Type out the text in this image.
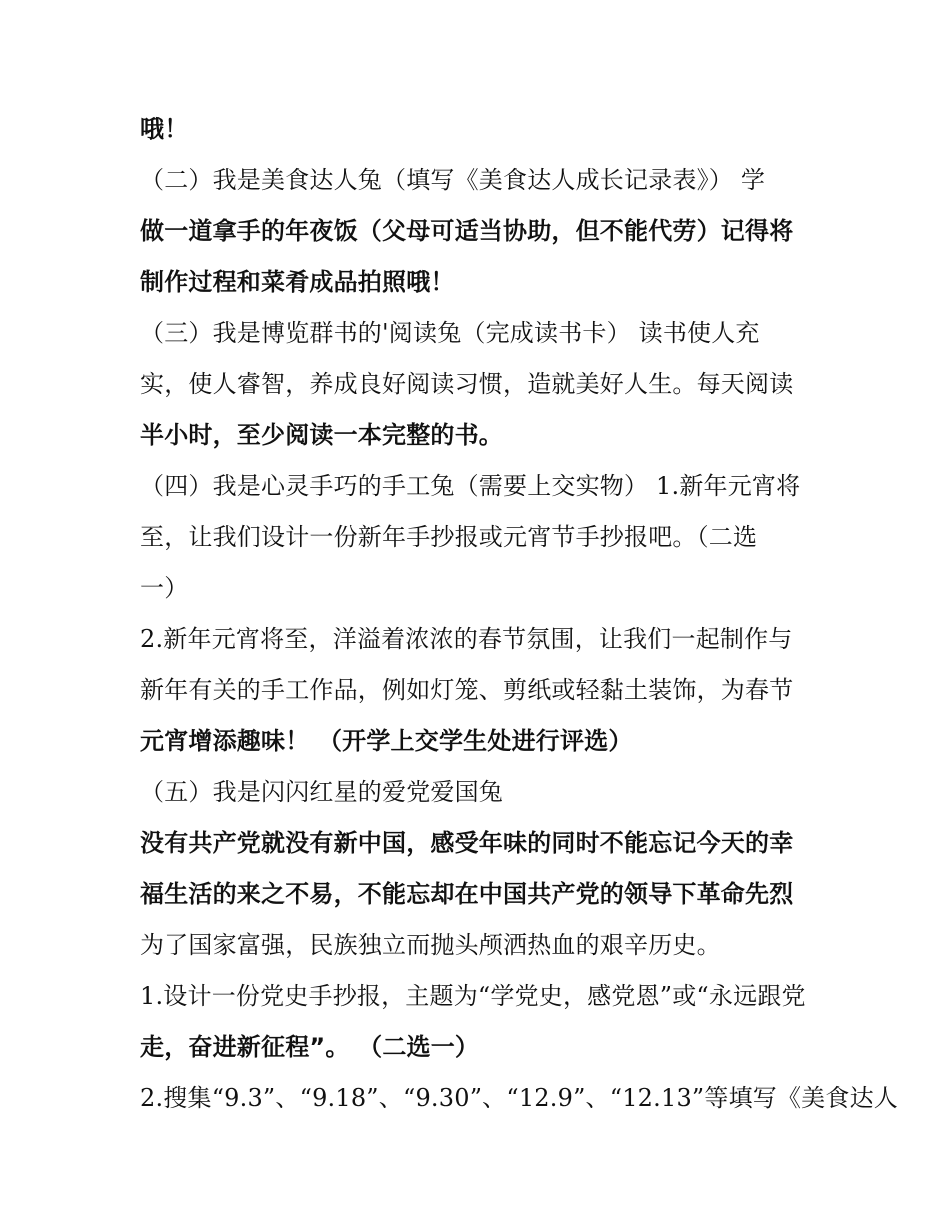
哦！
（二）我是美食达人兔（填写《美食达人成长记录表》） 学
做一道拿手的年夜饭（父母可适当协助，但不能代劳）记得将
制作过程和菜肴成品拍照哦！
（三）我是博览群书的'阅读兔（完成读书卡） 读书使人充
实，使人睿智，养成良好阅读习惯，造就美好人生。每天阅读
半小时，至少阅读一本完整的书。
（四）我是心灵手巧的手工兔（需要上交实物） 1.新年元宵将
至，让我们设计一份新年手抄报或元宵节手抄报吧。（二选
一）
2.新年元宵将至，洋溢着浓浓的春节氛围，让我们一起制作与
新年有关的手工作品，例如灯笼、剪纸或轻黏土装饰，为春节
元宵增添趣味！ （开学上交学生处进行评选）
（五）我是闪闪红星的爱党爱国兔
没有共产党就没有新中国，感受年味的同时不能忘记今天的幸
福生活的来之不易，不能忘却在中国共产党的领导下革命先烈
为了国家富强，民族独立而抛头颅洒热血的艰辛历史。
1.设计一份党史手抄报，主题为“学党史，感党恩”或“永远跟党
走，奋进新征程”。 （二选一）
2.搜集“9.3”、“9.18”、“9.30”、“12.9”、“12.13”等填写《美食达人
